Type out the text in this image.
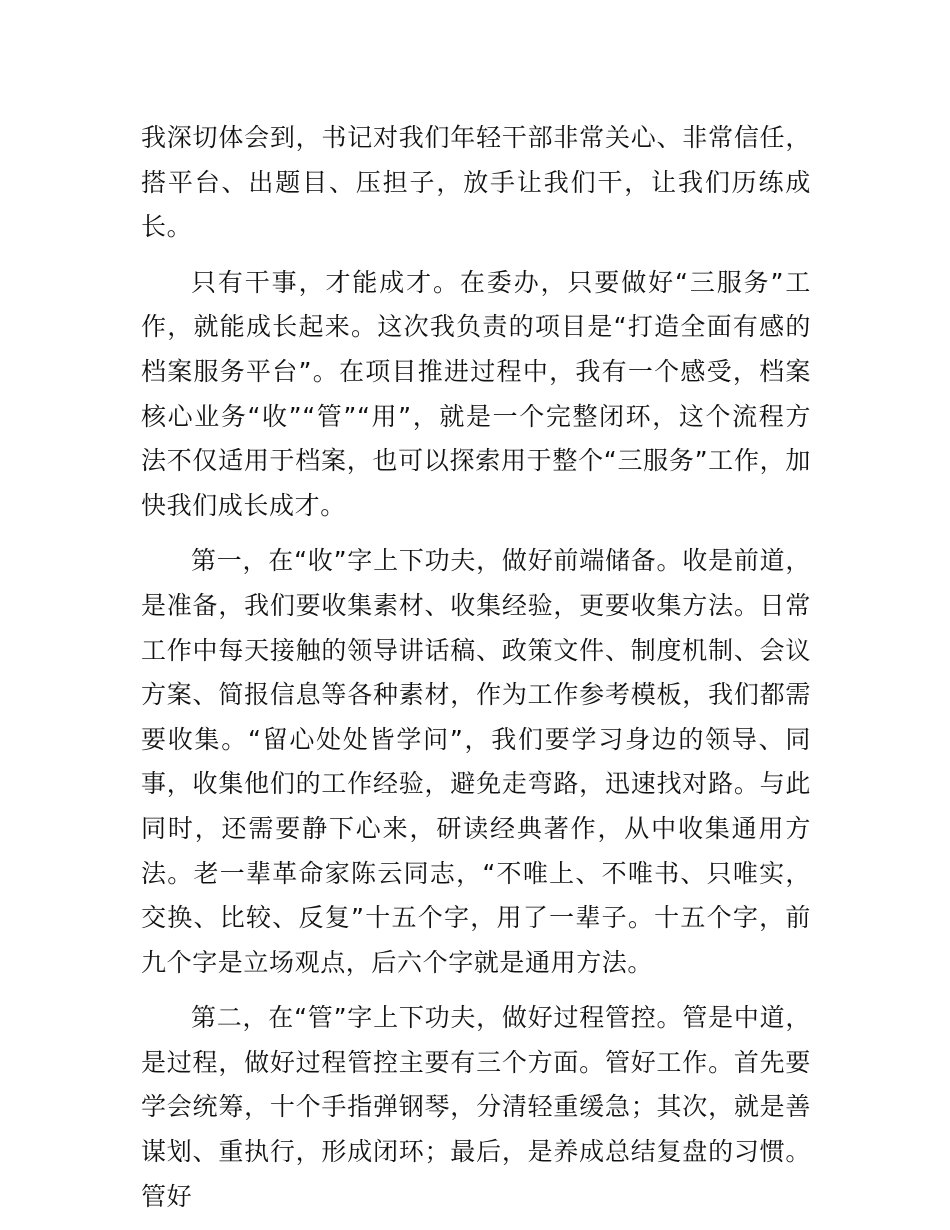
我深切体会到，书记对我们年轻干部非常关心、非常信任，搭平台、出题目、压担子，放手让我们干，让我们历练成长。

只有干事，才能成才。在委办，只要做好“三服务”工作，就能成长起来。这次我负责的项目是“打造全面有感的档案服务平台”。在项目推进过程中，我有一个感受，档案核心业务“收”“管”“用”，就是一个完整闭环，这个流程方法不仅适用于档案，也可以探索用于整个“三服务”工作，加快我们成长成才。

第一，在“收”字上下功夫，做好前端储备。收是前道，是准备，我们要收集素材、收集经验，更要收集方法。日常工作中每天接触的领导讲话稿、政策文件、制度机制、会议方案、简报信息等各种素材，作为工作参考模板，我们都需要收集。“留心处处皆学问”，我们要学习身边的领导、同事，收集他们的工作经验，避免走弯路，迅速找对路。与此同时，还需要静下心来，研读经典著作，从中收集通用方法。老一辈革命家陈云同志，“不唯上、不唯书、只唯实，交换、比较、反复”十五个字，用了一辈子。十五个字，前九个字是立场观点，后六个字就是通用方法。

第二，在“管”字上下功夫，做好过程管控。管是中道，是过程，做好过程管控主要有三个方面。管好工作。首先要学会统筹，十个手指弹钢琴，分清轻重缓急；其次，就是善谋划、重执行，形成闭环；最后，是养成总结复盘的习惯。管好
